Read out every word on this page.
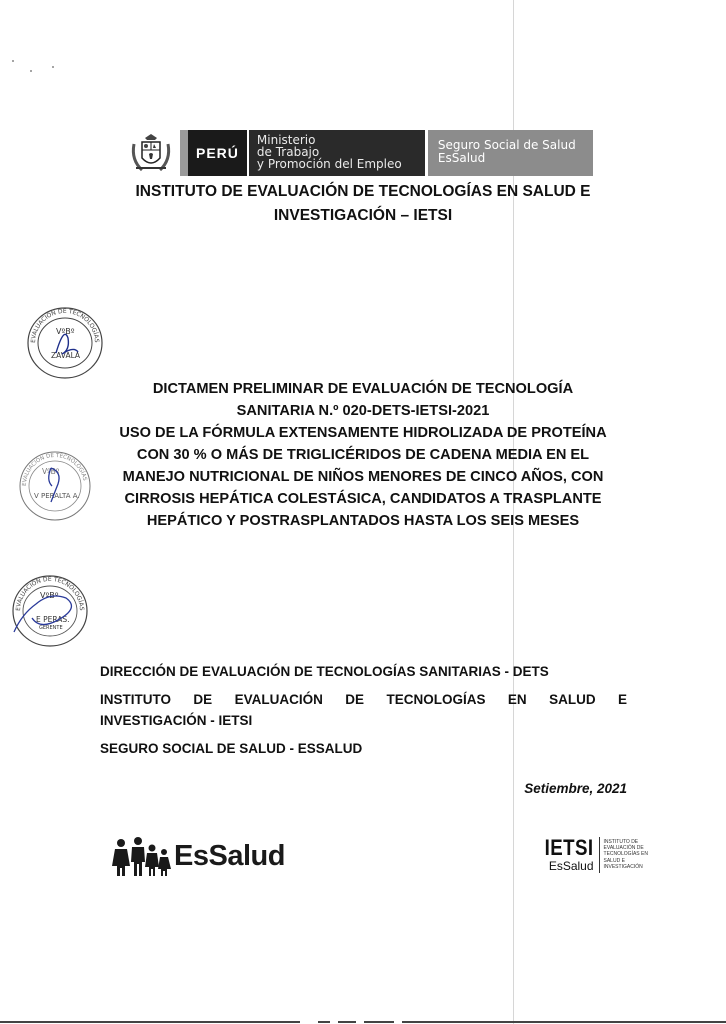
PERÚ
Ministerio
de Trabajo
y Promoción del Empleo
Seguro Social de Salud
EsSalud
INSTITUTO DE EVALUACIÓN DE TECNOLOGÍAS EN SALUD E
INVESTIGACIÓN – IETSI
EVALUACIÓN DE TECNOLOGÍAS
VºBº
ZAVALA
EVALUACIÓN DE TECNOLOGÍAS
VºBº
V PERALTA A.
EVALUACIÓN DE TECNOLOGÍAS
VºBº
E PERAS.
GERENTE
DICTAMEN PRELIMINAR DE EVALUACIÓN DE TECNOLOGÍA
SANITARIA N.º 020-DETS-IETSI-2021
USO DE LA FÓRMULA EXTENSAMENTE HIDROLIZADA DE PROTEÍNA
CON 30 % O MÁS DE TRIGLICÉRIDOS DE CADENA MEDIA EN EL
MANEJO NUTRICIONAL DE NIÑOS MENORES DE CINCO AÑOS, CON
CIRROSIS HEPÁTICA COLESTÁSICA, CANDIDATOS A TRASPLANTE
HEPÁTICO Y POSTRASPLANTADOS HASTA LOS SEIS MESES
DIRECCIÓN DE EVALUACIÓN DE TECNOLOGÍAS SANITARIAS - DETS
INSTITUTO DE EVALUACIÓN DE TECNOLOGÍAS EN SALUD E
INVESTIGACIÓN - IETSI
SEGURO SOCIAL DE SALUD - ESSALUD
Setiembre, 2021
EsSalud	IETSI
EsSalud
INSTITUTO DE
EVALUACIÓN DE
TECNOLOGÍAS EN
SALUD E
INVESTIGACIÓN
